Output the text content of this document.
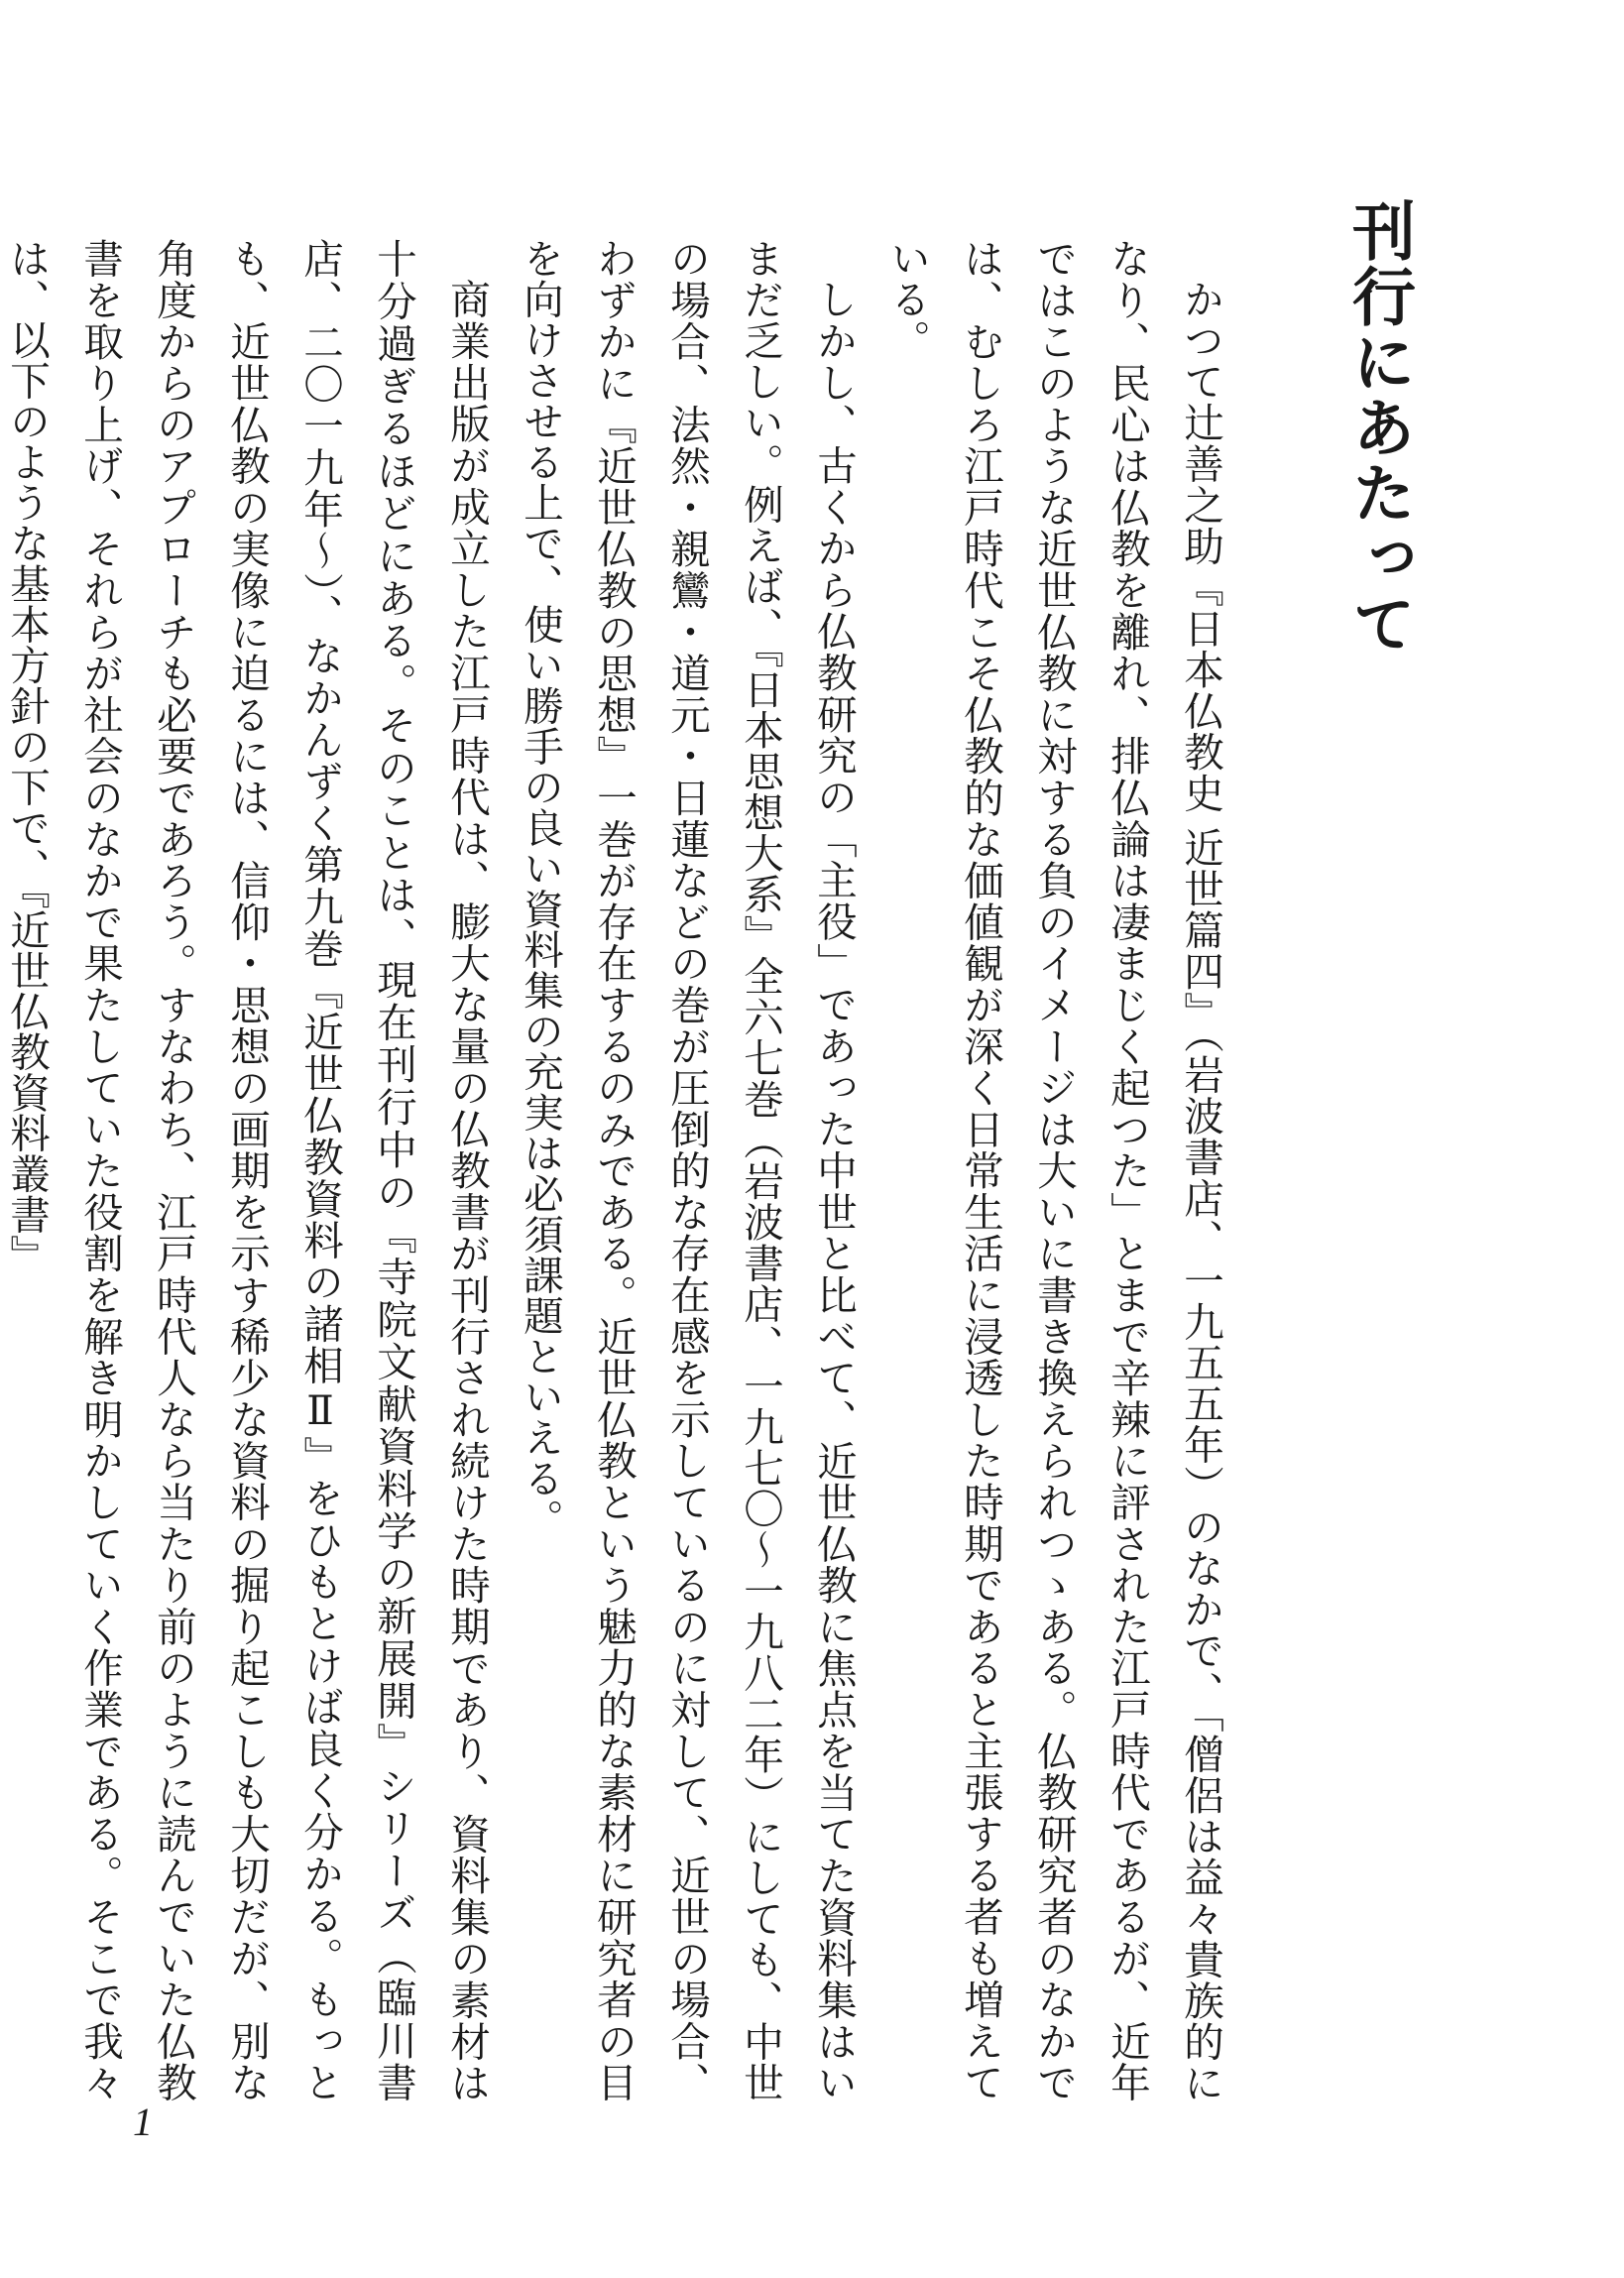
刊行にあたって

かつて辻善之助『日本仏教史 近世篇四』（岩波書店、一九五五年）のなかで、「僧侶は益々貴族的になり、民心は仏教を離れ、排仏論は凄まじく起つた」とまで辛辣に評された江戸時代であるが、近年ではこのような近世仏教に対する負のイメージは大いに書き換えられつゝある。仏教研究者のなかでは、むしろ江戸時代こそ仏教的な価値観が深く日常生活に浸透した時期であると主張する者も増えている。

しかし、古くから仏教研究の「主役」であった中世と比べて、近世仏教に焦点を当てた資料集はいまだ乏しい。例えば、『日本思想大系』全六七巻（岩波書店、一九七〇～一九八二年）にしても、中世の場合、法然・親鸞・道元・日蓮などの巻が圧倒的な存在感を示しているのに対して、近世の場合、わずかに『近世仏教の思想』一巻が存在するのみである。近世仏教という魅力的な素材に研究者の目を向けさせる上で、使い勝手の良い資料集の充実は必須課題といえる。

商業出版が成立した江戸時代は、膨大な量の仏教書が刊行され続けた時期であり、資料集の素材は十分過ぎるほどにある。そのことは、現在刊行中の『寺院文献資料学の新展開』シリーズ（臨川書店、二〇一九年～）、なかんずく第九巻『近世仏教資料の諸相Ⅱ』をひもとけば良く分かる。もっとも、近世仏教の実像に迫るには、信仰・思想の画期を示す稀少な資料の掘り起こしも大切だが、別な角度からのアプローチも必要であろう。すなわち、江戸時代人なら当たり前のように読んでいた仏教書を取り上げ、それらが社会のなかで果たしていた役割を解き明かしていく作業である。そこで我々は、以下のような基本方針の下で、『近世仏教資料叢書』

1
